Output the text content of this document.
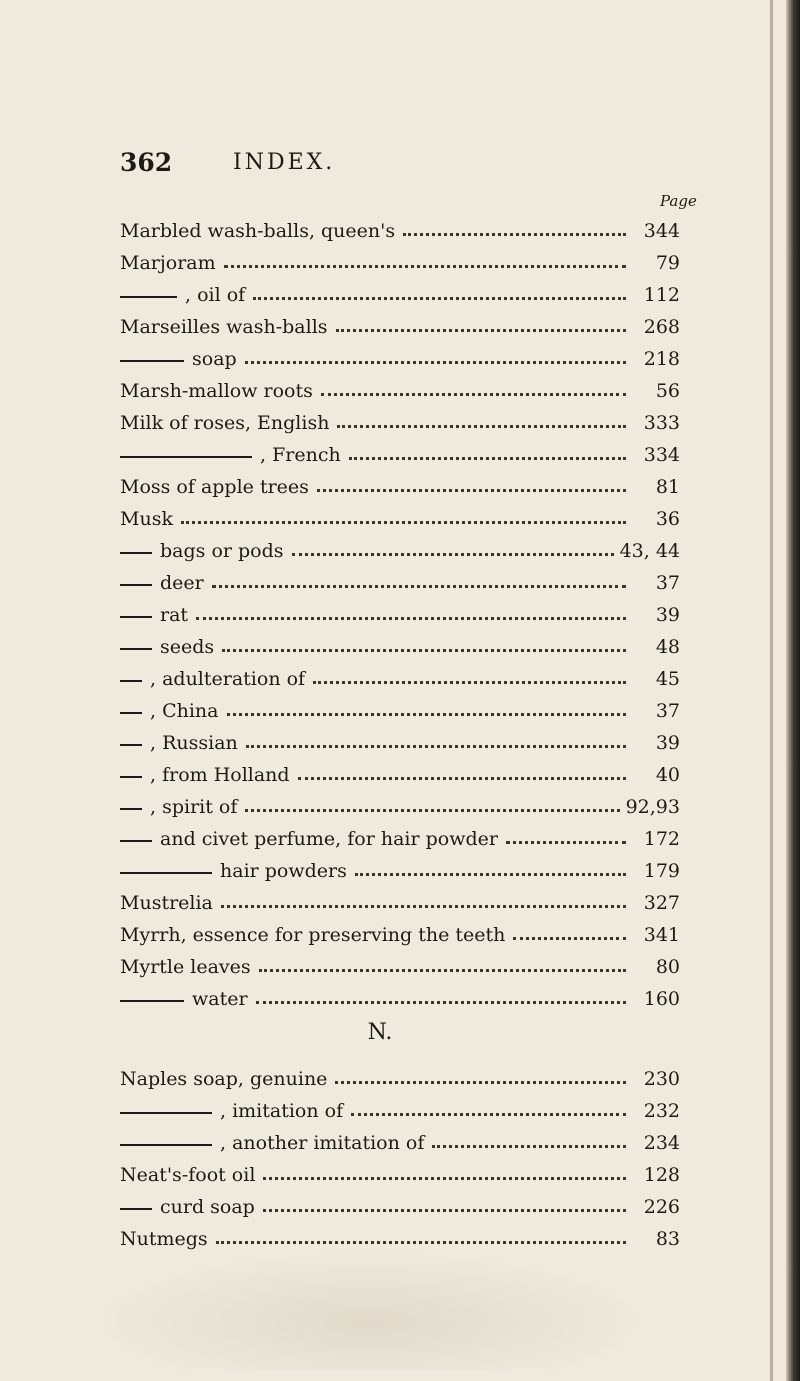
362	INDEX.
Page
Marbled wash-balls, queen's	344
Marjoram	79
, oil of	112
Marseilles wash-balls	268
soap	218
Marsh-mallow roots	56
Milk of roses, English	333
, French	334
Moss of apple trees	81
Musk	36
bags or pods	43, 44
deer	37
rat	39
seeds	48
, adulteration of	45
, China	37
, Russian	39
, from Holland	40
, spirit of	92,93
and civet perfume, for hair powder	172
hair powders	179
Mustrelia	327
Myrrh, essence for preserving the teeth	341
Myrtle leaves	80
water	160
N.
Naples soap, genuine	230
, imitation of	232
, another imitation of	234
Neat's-foot oil	128
curd soap	226
Nutmegs	83
